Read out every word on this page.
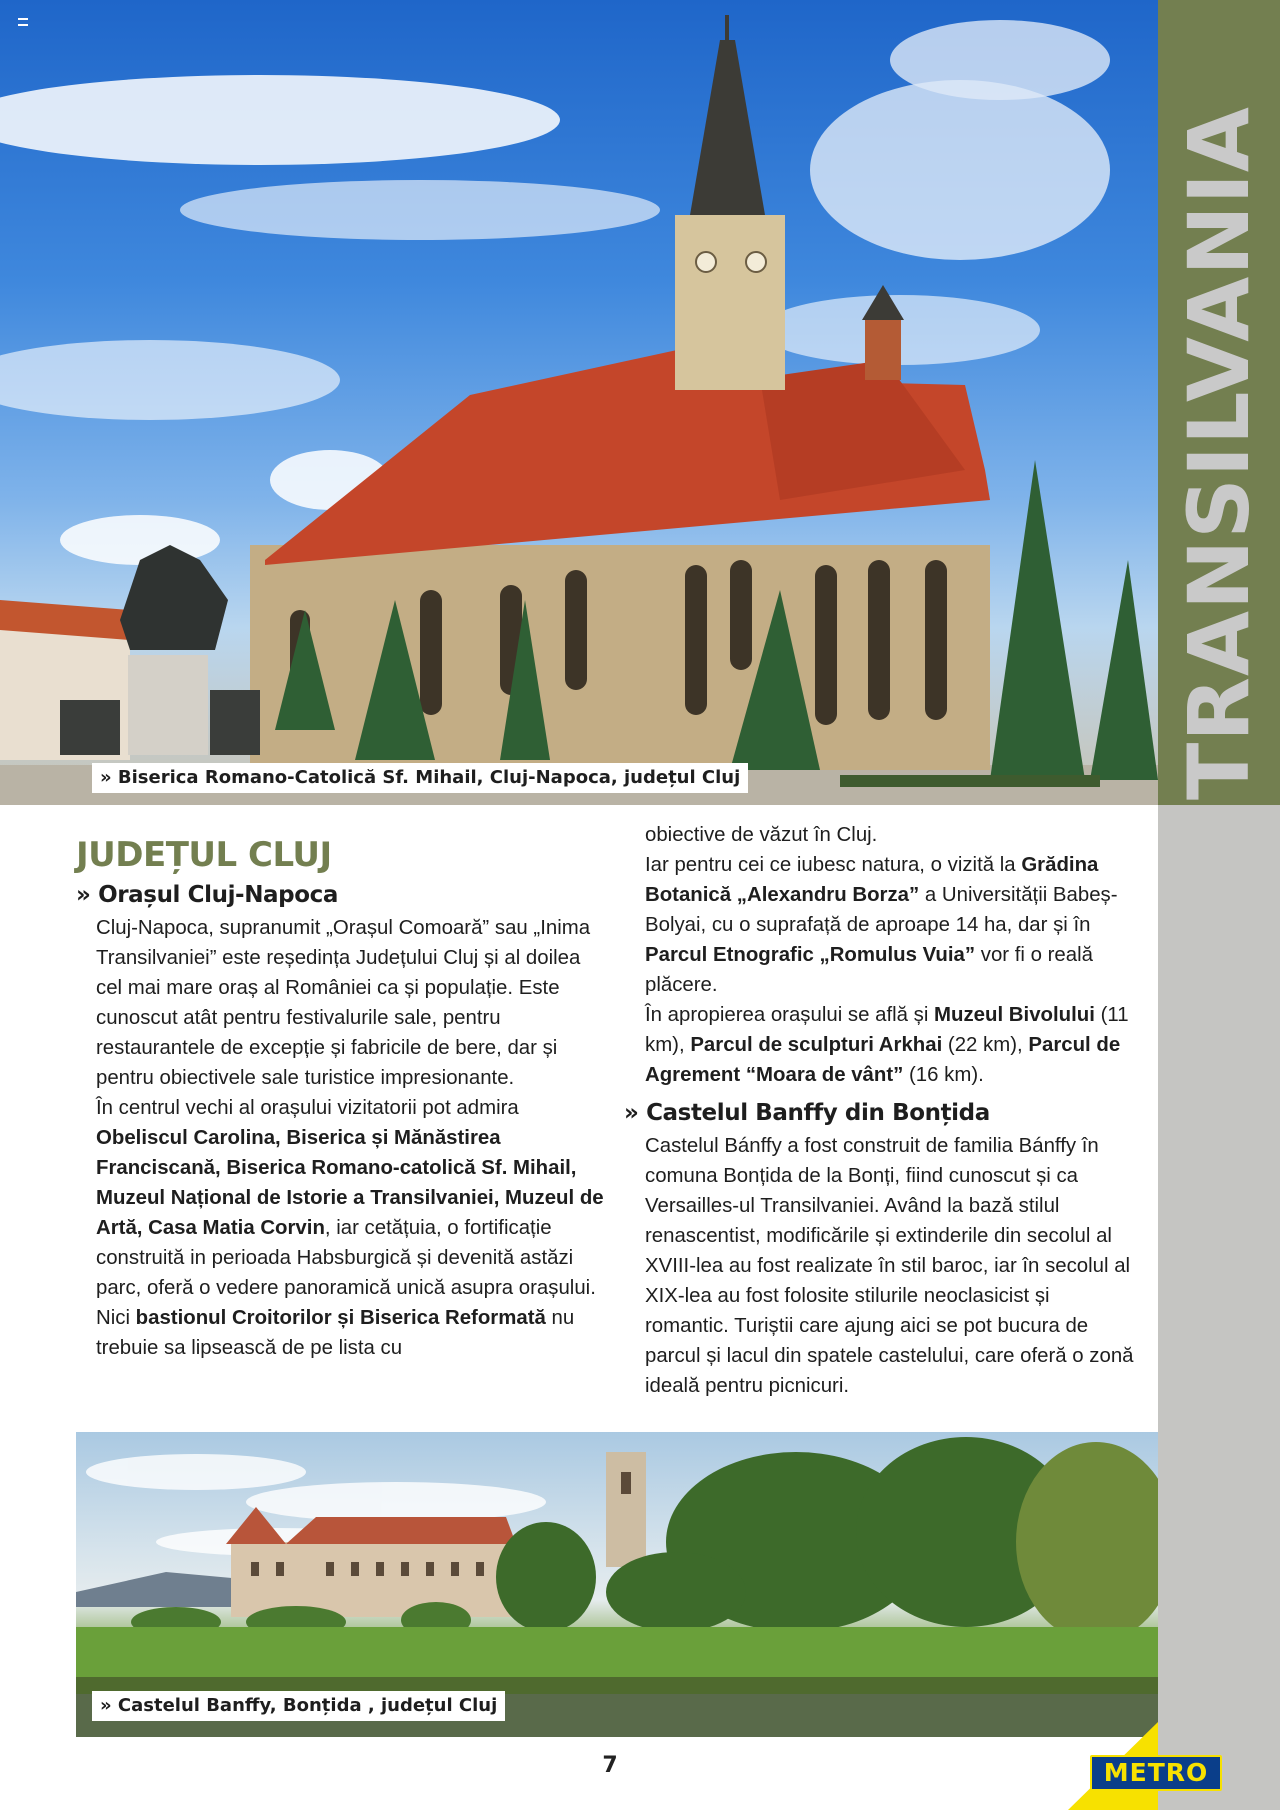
» Biserica Romano-Catolică Sf. Mihail, Cluj-Napoca, județul Cluj	TRANSILVANIA
JUDEȚUL CLUJ
» Orașul Cluj-Napoca

Cluj-Napoca, supranumit „Orașul Comoară” sau „Inima Transilvaniei” este reședința Județului Cluj și al doilea cel mai mare oraș al României ca și populație. Este cunoscut atât pentru festivalurile sale, pentru restaurantele de excepție și fabricile de bere, dar și pentru obiectivele sale turistice impresionante.

În centrul vechi al orașului vizitatorii pot admira Obeliscul Carolina, Biserica și Mănăstirea Franciscană, Biserica Romano-catolică Sf. Mihail, Muzeul Național de Istorie a Transilvaniei, Muzeul de Artă, Casa Matia Corvin, iar cetățuia, o fortificație construită in perioada Habsburgică și devenită astăzi parc, oferă o vedere panoramică unică asupra orașului. Nici bastionul Croitorilor și Biserica Reformată nu trebuie sa lipsească de pe lista cu

obiective de văzut în Cluj.

Iar pentru cei ce iubesc natura, o vizită la Grădina Botanică „Alexandru Borza” a Universității Babeș-Bolyai, cu o suprafață de aproape 14 ha, dar și în Parcul Etnografic „Romulus Vuia” vor fi o reală plăcere.

În apropierea orașului se află și Muzeul Bivolului (11 km), Parcul de sculpturi Arkhai (22 km), Parcul de Agrement “Moara de vânt” (16 km).

» Castelul Banffy din Bonțida

Castelul Bánffy a fost construit de familia Bánffy în comuna Bonțida de la Bonți, fiind cunoscut și ca Versailles-ul Transilvaniei. Având la bază stilul renascentist, modificările și extinderile din secolul al XVIII-lea au fost realizate în stil baroc, iar în secolul al XIX-lea au fost folosite stilurile neoclasicist și romantic. Turiștii care ajung aici se pot bucura de parcul și lacul din spatele castelului, care oferă o zonă ideală pentru picnicuri.

» Castelul Banffy, Bonțida , județul Cluj
7	METRO
